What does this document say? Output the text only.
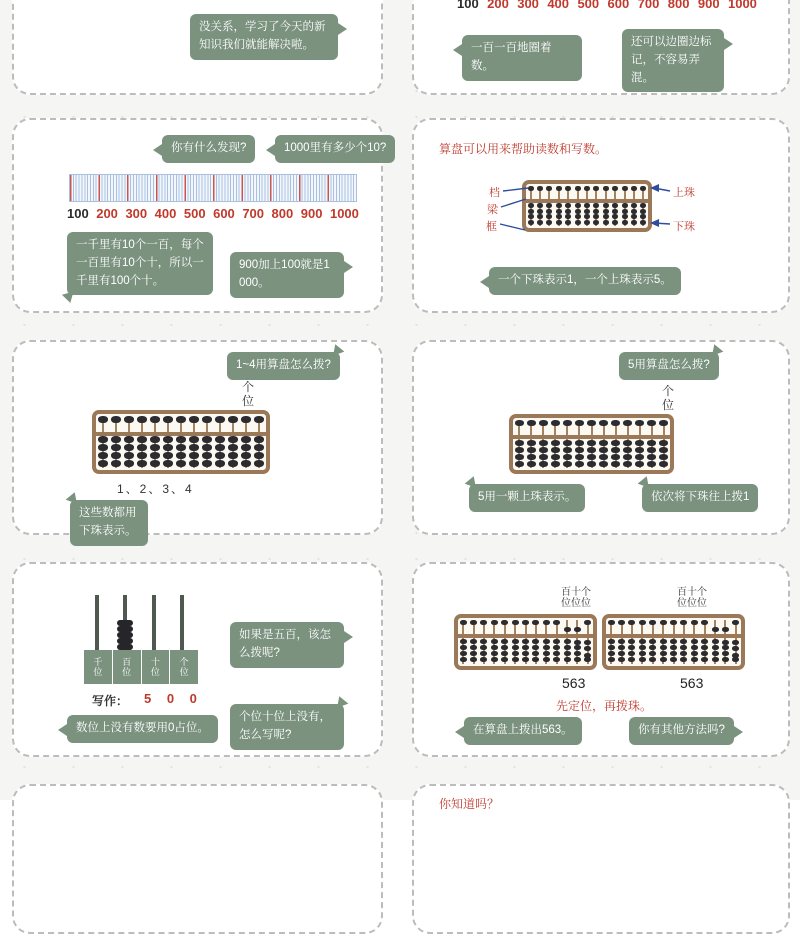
没关系，学习了今天的新知识我们就能解决啦。
100 200 300 400 500 600 700 800 900 1000
一百一百地圈着数。
还可以边圈边标记，不容易弄混。
你有什么发现?	1000里有多少个10?
100 200 300 400 500 600 700 800 900 1000
一千里有10个一百，每个一百里有10个十，所以一千里有100个十。
900加上100就是1000。
算盘可以用来帮助读数和写数。
档
梁
框
上珠
下珠
一个下珠表示1，一个上珠表示5。
1~4用算盘怎么拨?
个
位
1、2、3、4
这些数都用下珠表示。
5用算盘怎么拨?
个
位
5用一颗上珠表示。	依次将下珠往上拨1
千
位
百
位
十
位
个
位
写作： 5 0 0
数位上没有数要用0占位。
如果是五百，该怎么拨呢?
个位十位上没有，怎么写呢?
百十个
位位位
百十个
位位位
563	563
先定位，再拨珠。
在算盘上拨出563。	你有其他方法吗?
你知道吗？
